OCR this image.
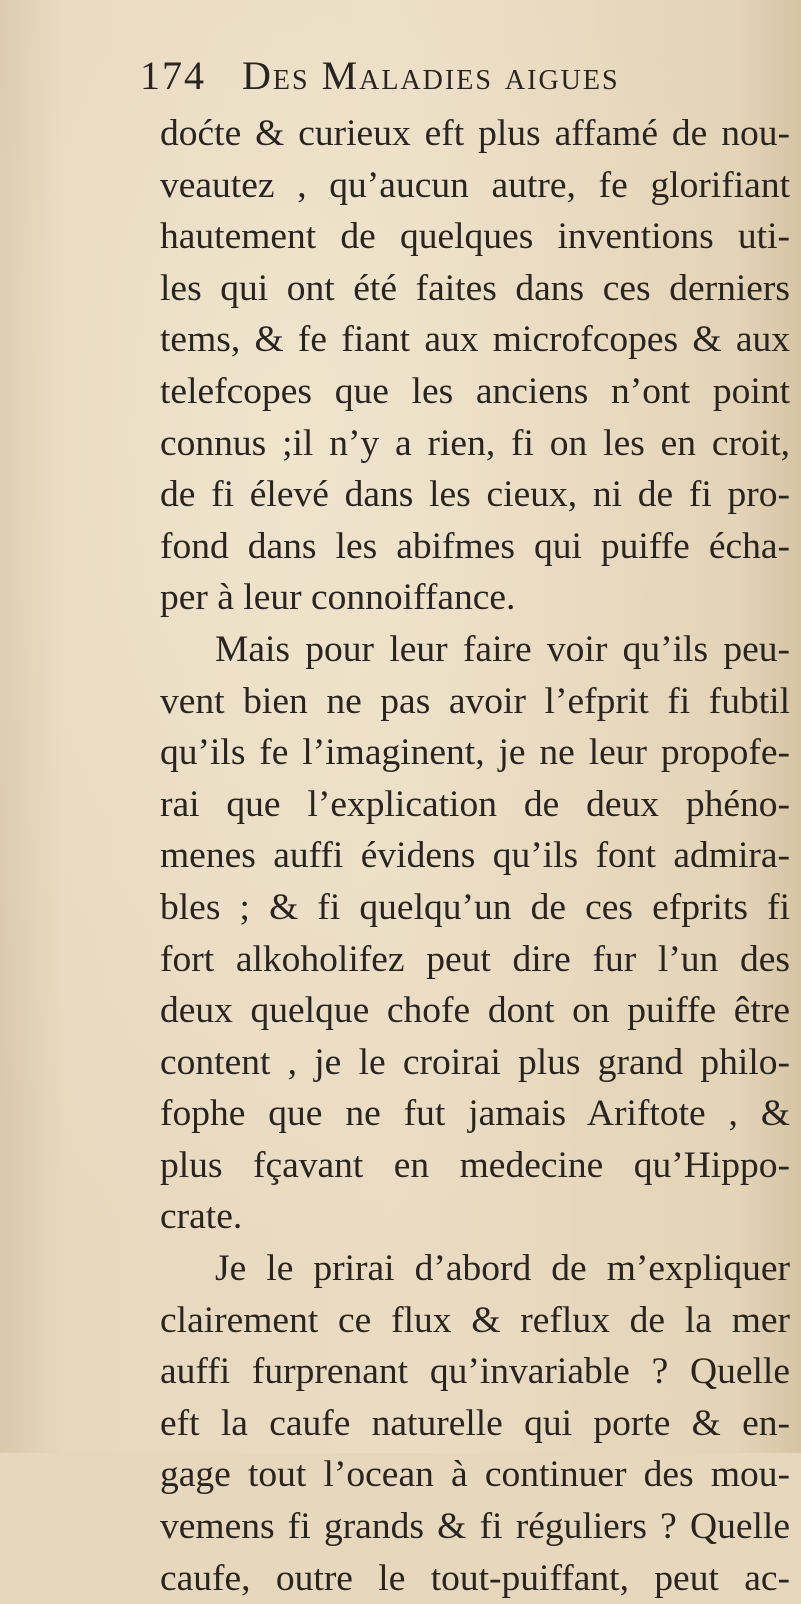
174 Des Maladies aigues
doćte & curieux eft plus affamé de nou-
veautez , qu’aucun autre, fe glorifiant
hautement de quelques inventions uti-
les qui ont été faites dans ces derniers
tems, & fe fiant aux microfcopes & aux
telefcopes que les anciens n’ont point
connus ;il n’y a rien, fi on les en croit,
de fi élevé dans les cieux, ni de fi pro-
fond dans les abifmes qui puiffe écha-
per à leur connoiffance.
Mais pour leur faire voir qu’ils peu-
vent bien ne pas avoir l’efprit fi fubtil
qu’ils fe l’imaginent, je ne leur propofe-
rai que l’explication de deux phéno-
menes auffi évidens qu’ils font admira-
bles ; & fi quelqu’un de ces efprits fi
fort alkoholifez peut dire fur l’un des
deux quelque chofe dont on puiffe être
content , je le croirai plus grand philo-
fophe que ne fut jamais Ariftote , &
plus fçavant en medecine qu’Hippo-
crate.
Je le prirai d’abord de m’expliquer
clairement ce flux & reflux de la mer
auffi furprenant qu’invariable ? Quelle
eft la caufe naturelle qui porte & en-
gage tout l’ocean à continuer des mou-
vemens fi grands & fi réguliers ? Quelle
caufe, outre le tout-puiffant, peut ac-
